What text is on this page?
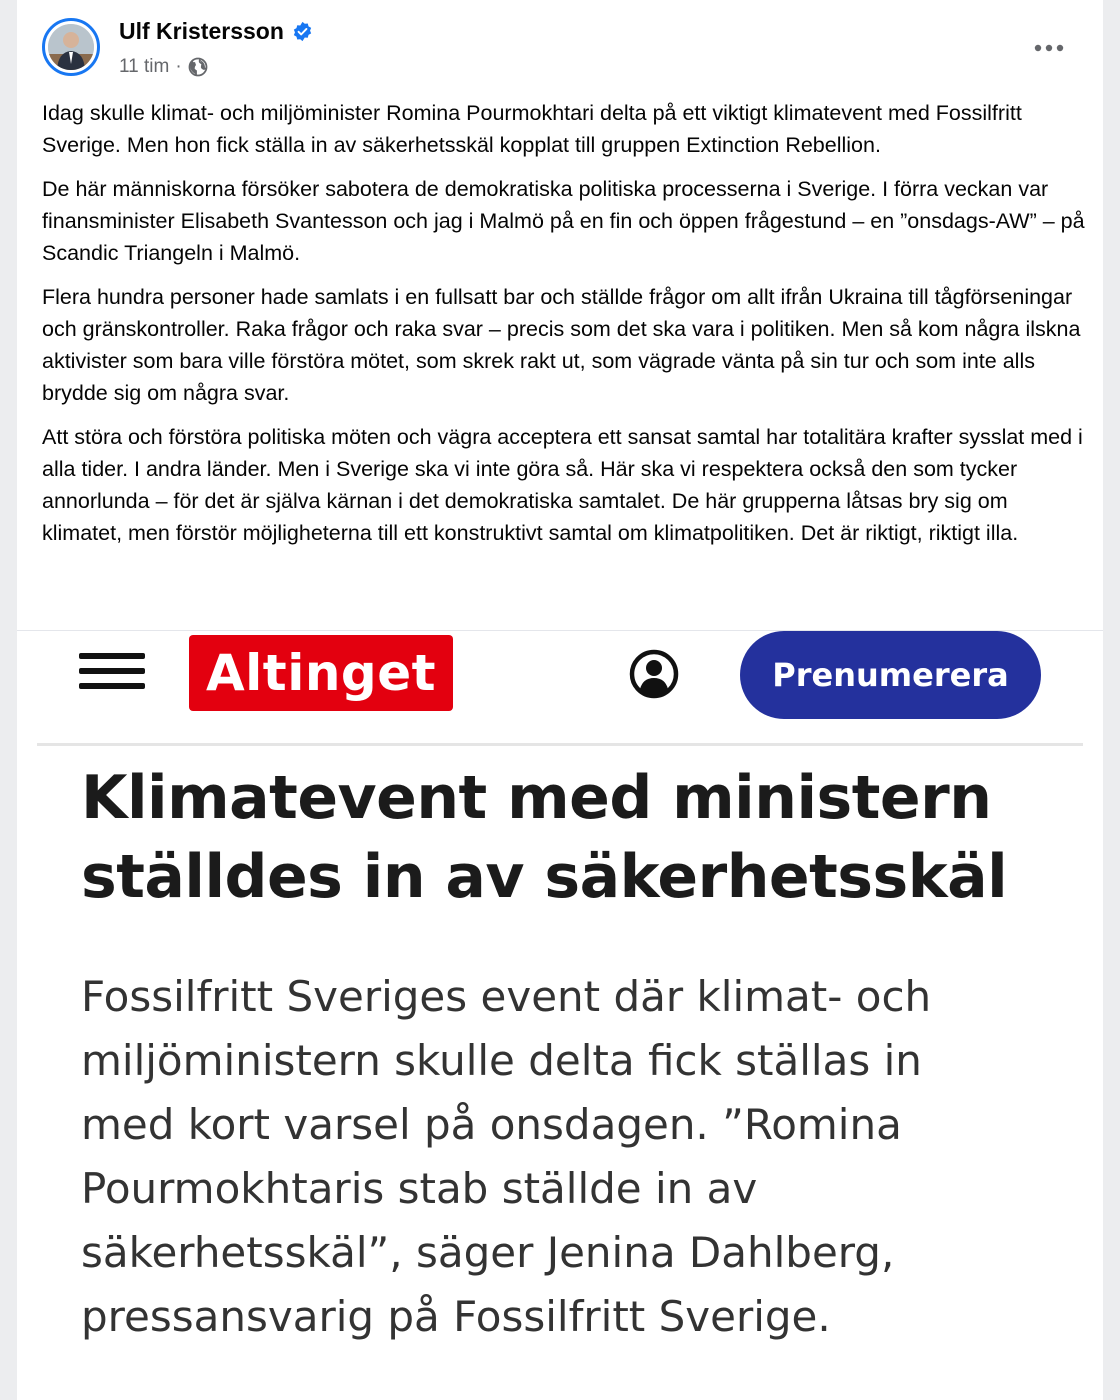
Ulf Kristersson
11 tim ·

Idag skulle klimat- och miljöminister Romina Pourmokhtari delta på ett viktigt klimatevent med Fossilfritt Sverige. Men hon fick ställa in av säkerhetsskäl kopplat till gruppen Extinction Rebellion.

De här människorna försöker sabotera de demokratiska politiska processerna i Sverige. I förra veckan var finansminister Elisabeth Svantesson och jag i Malmö på en fin och öppen frågestund – en ”onsdags-AW” – på Scandic Triangeln i Malmö.

Flera hundra personer hade samlats i en fullsatt bar och ställde frågor om allt ifrån Ukraina till tågförseningar och gränskontroller. Raka frågor och raka svar – precis som det ska vara i politiken. Men så kom några ilskna aktivister som bara ville förstöra mötet, som skrek rakt ut, som vägrade vänta på sin tur och som inte alls brydde sig om några svar.

Att störa och förstöra politiska möten och vägra acceptera ett sansat samtal har totalitära krafter sysslat med i alla tider. I andra länder. Men i Sverige ska vi inte göra så. Här ska vi respektera också den som tycker annorlunda – för det är själva kärnan i det demokratiska samtalet. De här grupperna låtsas bry sig om klimatet, men förstör möjligheterna till ett konstruktivt samtal om klimatpolitiken. Det är riktigt, riktigt illa.

Altinget	Prenumerera
Klimatevent med ministern
ställdes in av säkerhetsskäl
Fossilfritt Sveriges event där klimat- och
miljöministern skulle delta fick ställas in
med kort varsel på onsdagen. ”Romina
Pourmokhtaris stab ställde in av
säkerhetsskäl”, säger Jenina Dahlberg,
pressansvarig på Fossilfritt Sverige.
